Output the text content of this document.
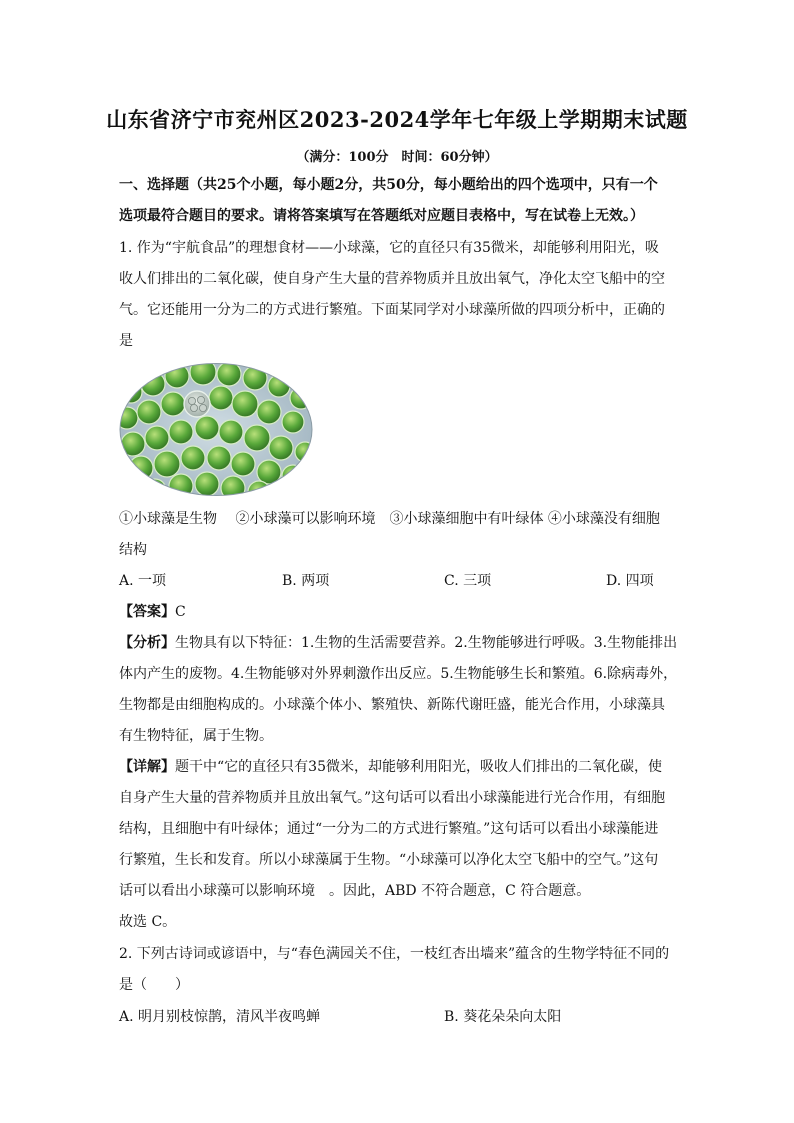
山东省济宁市兖州区2023-2024学年七年级上学期期末试题
（满分：100分　时间：60分钟）
一、选择题（共25个小题，每小题2分，共50分，每小题给出的四个选项中，只有一个
选项最符合题目的要求。请将答案填写在答题纸对应题目表格中，写在试卷上无效。）
1. 作为“宇航食品”的理想食材——小球藻，它的直径只有35微米，却能够利用阳光，吸
收人们排出的二氧化碳，使自身产生大量的营养物质并且放出氧气，净化太空飞船中的空
气。它还能用一分为二的方式进行繁殖。下面某同学对小球藻所做的四项分析中，正确的
是
①小球藻是生物　 ②小球藻可以影响环境　③小球藻细胞中有叶绿体 ④小球藻没有细胞
结构
A. 一项	B. 两项	C. 三项	D. 四项
【答案】C
【分析】生物具有以下特征：1.生物的生活需要营养。2.生物能够进行呼吸。3.生物能排出
体内产生的废物。4.生物能够对外界刺激作出反应。5.生物能够生长和繁殖。6.除病毒外，
生物都是由细胞构成的。小球藻个体小、繁殖快、新陈代谢旺盛，能光合作用，小球藻具
有生物特征，属于生物。
【详解】题干中“它的直径只有35微米，却能够利用阳光，吸收人们排出的二氧化碳，使
自身产生大量的营养物质并且放出氧气。”这句话可以看出小球藻能进行光合作用，有细胞
结构，且细胞中有叶绿体；通过“一分为二的方式进行繁殖。”这句话可以看出小球藻能进
行繁殖，生长和发育。所以小球藻属于生物。“小球藻可以净化太空飞船中的空气。”这句
话可以看出小球藻可以影响环境　。因此，ABD 不符合题意，C 符合题意。
故选 C。
2. 下列古诗词或谚语中，与“春色满园关不住，一枝红杏出墙来”蕴含的生物学特征不同的
是（　　）
A. 明月别枝惊鹊，清风半夜鸣蝉	B. 葵花朵朵向太阳
